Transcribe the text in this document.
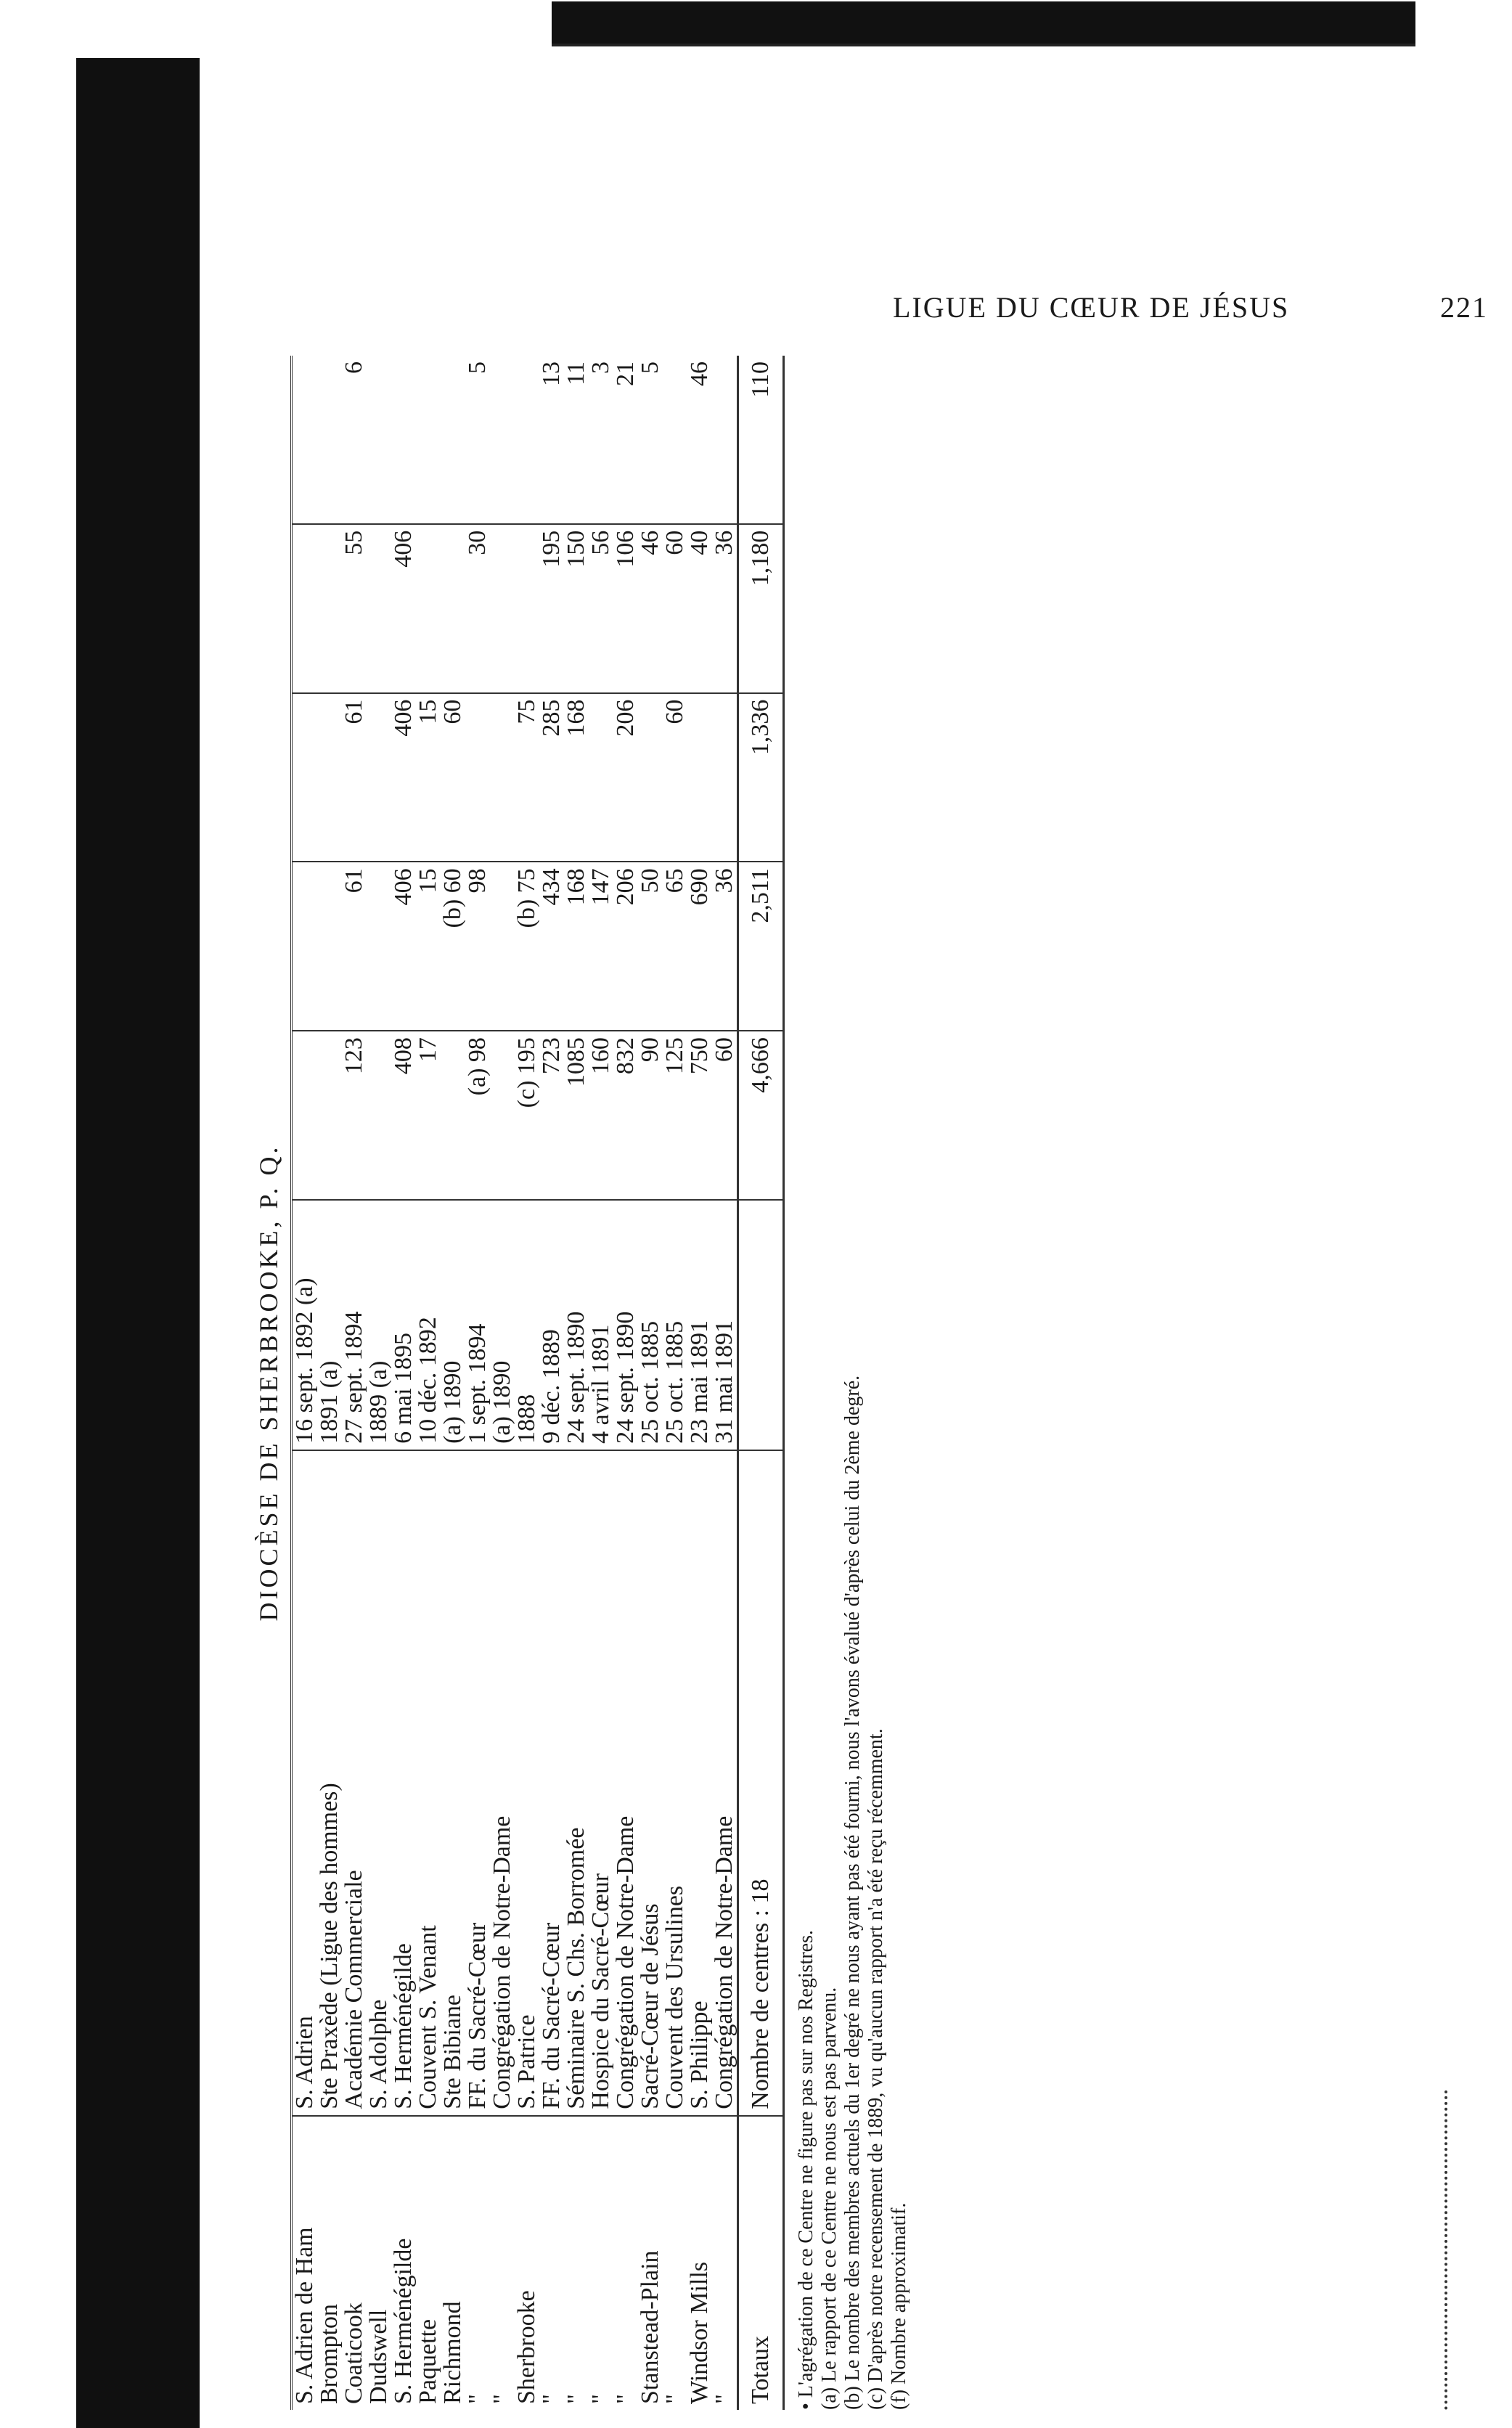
LIGUE DU CŒUR DE JÉSUS	221
DIOCÈSE DE SHERBROOKE, P. Q.
S. Adrien de Ham	S. Adrien	16 sept. 1892 (a)					
Brompton	Ste Praxède (Ligue des hommes)	1891 (a)					
Coaticook	Académie Commerciale	27 sept. 1894	123	61	61	55	6
Dudswell	S. Adolphe	1889 (a)					
S. Herménégilde	S. Herménégilde	6 mai 1895	408	406	406	406	
Paquette	Couvent S. Venant	10 déc. 1892	17	15	15		
Richmond	Ste Bibiane	(a) 1890		(b) 60	60		
"	FF. du Sacré-Cœur	1 sept. 1894	(a) 98	98		30	5
"	Congrégation de Notre-Dame	(a) 1890					
Sherbrooke	S. Patrice	1888	(c) 195	(b) 75	75		
"	FF. du Sacré-Cœur	9 déc. 1889	723	434	285	195	13
"	Séminaire S. Chs. Borromée	24 sept. 1890	1085	168	168	150	11
"	Hospice du Sacré-Cœur	4 avril 1891	160	147		56	3
"	Congrégation de Notre-Dame	24 sept. 1890	832	206	206	106	21
Stanstead-Plain	Sacré-Cœur de Jésus	25 oct. 1885	90	50		46	5
"	Couvent des Ursulines	25 oct. 1885	125	65	60	60	
Windsor Mills	S. Philippe	23 mai 1891	750	690		40	46
"	Congrégation de Notre-Dame	31 mai 1891	60	36		36	
Totaux	Nombre de centres : 18		4,666	2,511	1,336	1,180	110
• L'agrégation de ce Centre ne figure pas sur nos Registres. (a) Le rapport de ce Centre ne nous est pas parvenu. (b) Le nombre des membres actuels du 1er degré ne nous ayant pas été fourni, nous l'avons évalué d'après celui du 2ème degré. (c) D'après notre recensement de 1889, vu qu'aucun rapport n'a été reçu récemment. (f) Nombre approximatif.
